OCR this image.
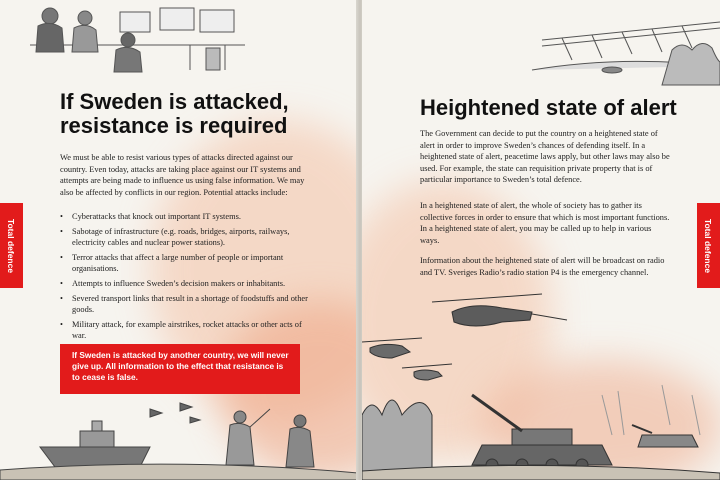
If Sweden is attacked, resistance is required

We must be able to resist various types of attacks directed against our country. Even today, attacks are taking place against our IT systems and attempts are being made to influence us using false information. We may also be affected by conflicts in our region. Potential attacks include:

• Cyberattacks that knock out important IT systems.
• Sabotage of infrastructure (e.g. roads, bridges, airports, railways, electricity cables and nuclear power stations).
• Terror attacks that affect a large number of people or important organisations.
• Attempts to influence Sweden’s decision makers or inhabitants.
• Severed transport links that result in a shortage of foodstuffs and other goods.
• Military attack, for example airstrikes, rocket attacks or other acts of war.
If Sweden is attacked by another country, we will never give up. All information to the effect that resistance is to cease is false.
Total defence
Heightened state of alert

The Government can decide to put the country on a heightened state of alert in order to improve Sweden’s chances of defending itself. In a heightened state of alert, peacetime laws apply, but other laws may also be used. For example, the state can requisition private property that is of particular importance to Sweden’s total defence.

In a heightened state of alert, the whole of society has to gather its collective forces in order to ensure that which is most important functions. In a heightened state of alert, you may be called up to help in various ways.

Information about the heightened state of alert will be broadcast on radio and TV. Sveriges Radio’s radio station P4 is the emergency channel.	Total defence
